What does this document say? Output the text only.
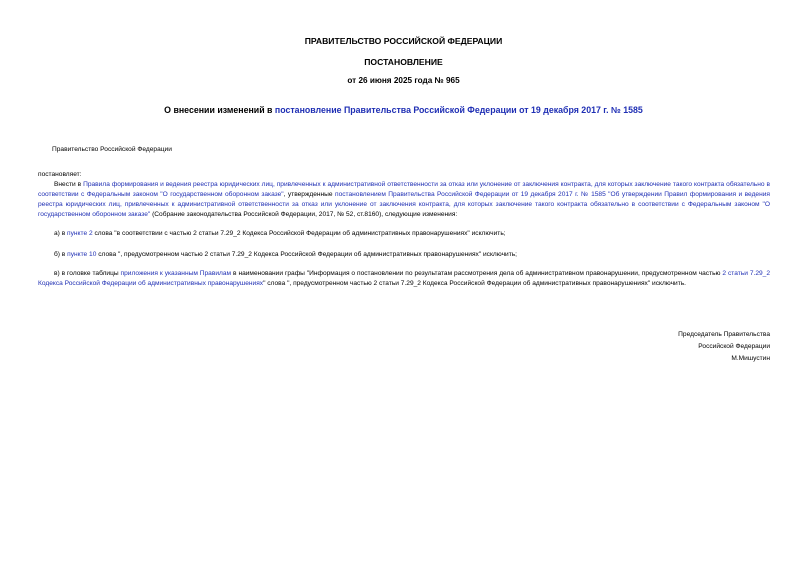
ПРАВИТЕЛЬСТВО РОССИЙСКОЙ ФЕДЕРАЦИИ
ПОСТАНОВЛЕНИЕ
от 26 июня 2025 года № 965
О внесении изменений в постановление Правительства Российской Федерации от 19 декабря 2017 г. № 1585
Правительство Российской Федерации
постановляет:
Внести в Правила формирования и ведения реестра юридических лиц, привлеченных к административной ответственности за отказ или уклонение от заключения контракта, для которых заключение такого контракта обязательно в соответствии с Федеральным законом "О государственном оборонном заказе", утвержденные постановлением Правительства Российской Федерации от 19 декабря 2017 г. № 1585 "Об утверждении Правил формирования и ведения реестра юридических лиц, привлеченных к административной ответственности за отказ или уклонение от заключения контракта, для которых заключение такого контракта обязательно в соответствии с Федеральным законом "О государственном оборонном заказе" (Собрание законодательства Российской Федерации, 2017, № 52, ст.8160), следующие изменения:
а) в пункте 2 слова "в соответствии с частью 2 статьи 7.29_2 Кодекса Российской Федерации об административных правонарушениях" исключить;
б) в пункте 10 слова ", предусмотренном частью 2 статьи 7.29_2 Кодекса Российской Федерации об административных правонарушениях" исключить;
в) в головке таблицы приложения к указанным Правилам в наименовании графы "Информация о постановлении по результатам рассмотрения дела об административном правонарушении, предусмотренном частью 2 статьи 7.29_2 Кодекса Российской Федерации об административных правонарушениях" слова ", предусмотренном частью 2 статьи 7.29_2 Кодекса Российской Федерации об административных правонарушениях" исключить.
Председатель Правительства
Российской Федерации
М.Мишустин
